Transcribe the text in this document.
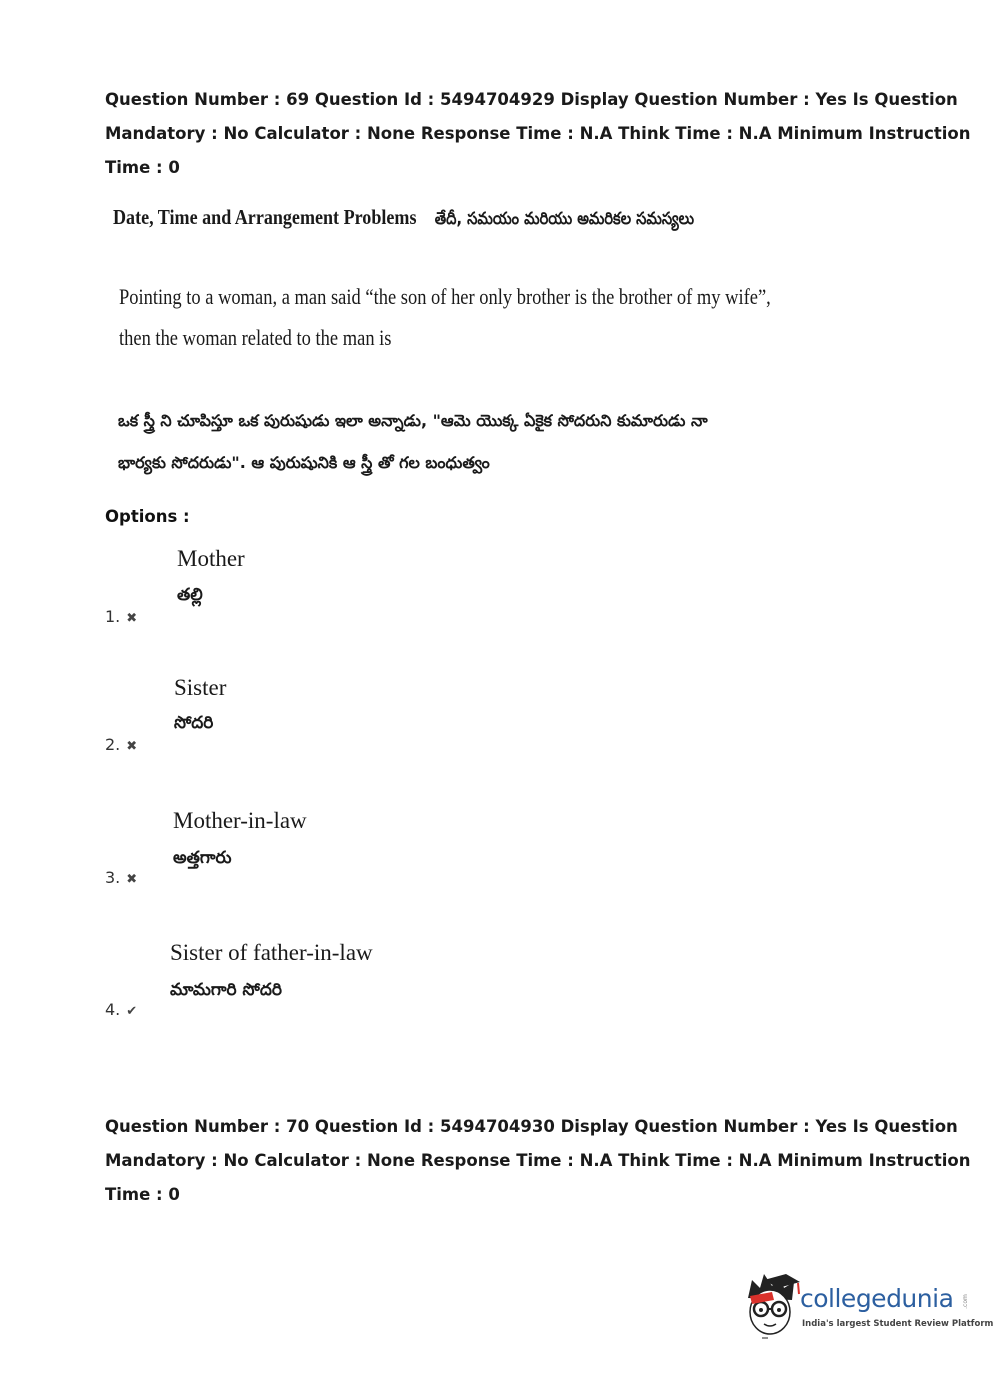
Question Number : 69 Question Id : 5494704929 Display Question Number : Yes Is Question

Mandatory : No Calculator : None Response Time : N.A Think Time : N.A Minimum Instruction

Time : 0

Date, Time and Arrangement Problems తేదీ, సమయం మరియు అమరికల సమస్యలు
Pointing to a woman, a man said “the son of her only brother is the brother of my wife”,
then the woman related to the man is
ఒక స్త్రీ ని చూపిస్తూ ఒక పురుషుడు ఇలా అన్నాడు, "ఆమె యొక్క ఏకైక సోదరుని కుమారుడు నా
భార్యకు సోదరుడు". ఆ పురుషునికి ఆ స్త్రీ తో గల బంధుత్వం
Options :
Mother
తల్లి
1. ✖
Sister
సోదరి
2. ✖
Mother-in-law
అత్తగారు
3. ✖
Sister of father-in-law
మామగారి సోదరి
4. ✔

Question Number : 70 Question Id : 5494704930 Display Question Number : Yes Is Question

Mandatory : No Calculator : None Response Time : N.A Think Time : N.A Minimum Instruction

Time : 0

collegedunia .com
India's largest Student Review Platform
